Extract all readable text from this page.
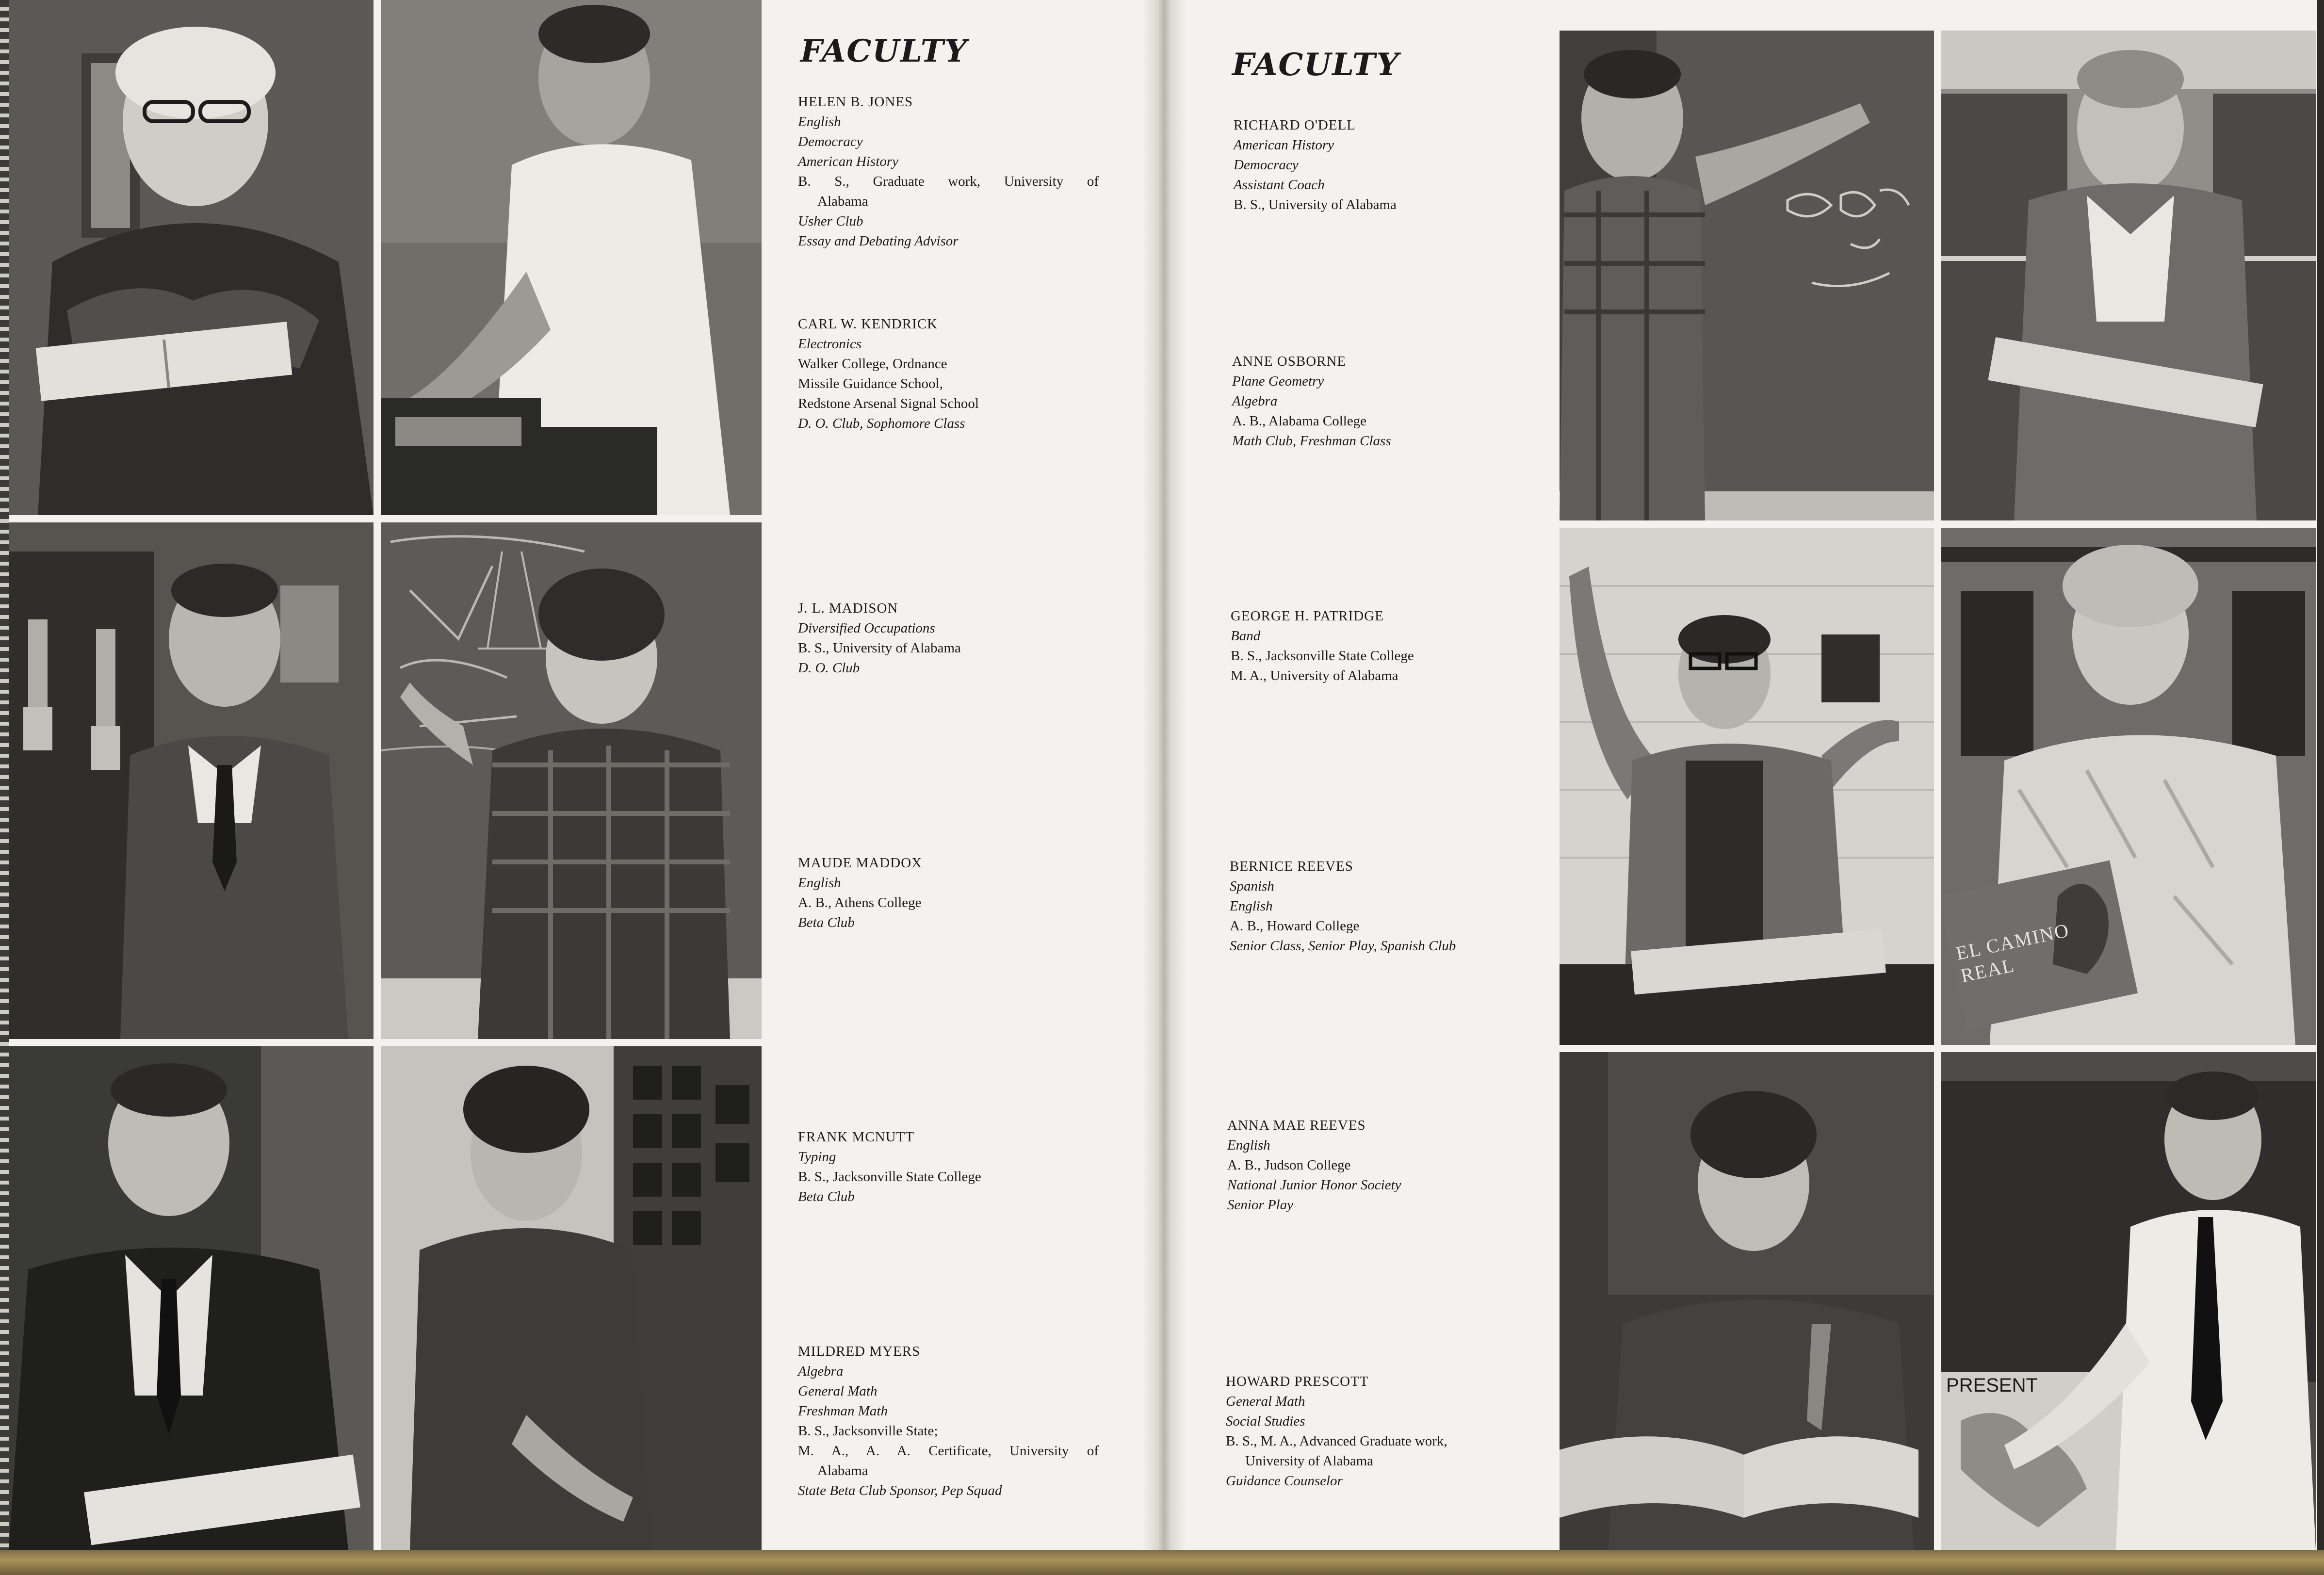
PRESENT
FACULTY
HELEN B. JONES
English
Democracy
American History
B. S., Graduate work, University of
Alabama
Usher Club
Essay and Debating Advisor
CARL W. KENDRICK
Electronics
Walker College, Ordnance
Missile Guidance School,
Redstone Arsenal Signal School
D. O. Club, Sophomore Class
J. L. MADISON
Diversified Occupations
B. S., University of Alabama
D. O. Club
MAUDE MADDOX
English
A. B., Athens College
Beta Club
FRANK MCNUTT
Typing
B. S., Jacksonville State College
Beta Club
MILDRED MYERS
Algebra
General Math
Freshman Math
B. S., Jacksonville State;
M. A., A. A. Certificate, University of
Alabama
State Beta Club Sponsor, Pep Squad
FACULTY
RICHARD O'DELL
American History
Democracy
Assistant Coach
B. S., University of Alabama
ANNE OSBORNE
Plane Geometry
Algebra
A. B., Alabama College
Math Club, Freshman Class
GEORGE H. PATRIDGE
Band
B. S., Jacksonville State College
M. A., University of Alabama
BERNICE REEVES
Spanish
English
A. B., Howard College
Senior Class, Senior Play, Spanish Club
ANNA MAE REEVES
English
A. B., Judson College
National Junior Honor Society
Senior Play
HOWARD PRESCOTT
General Math
Social Studies
B. S., M. A., Advanced Graduate work,
University of Alabama
Guidance Counselor
EL CAMINO REAL
